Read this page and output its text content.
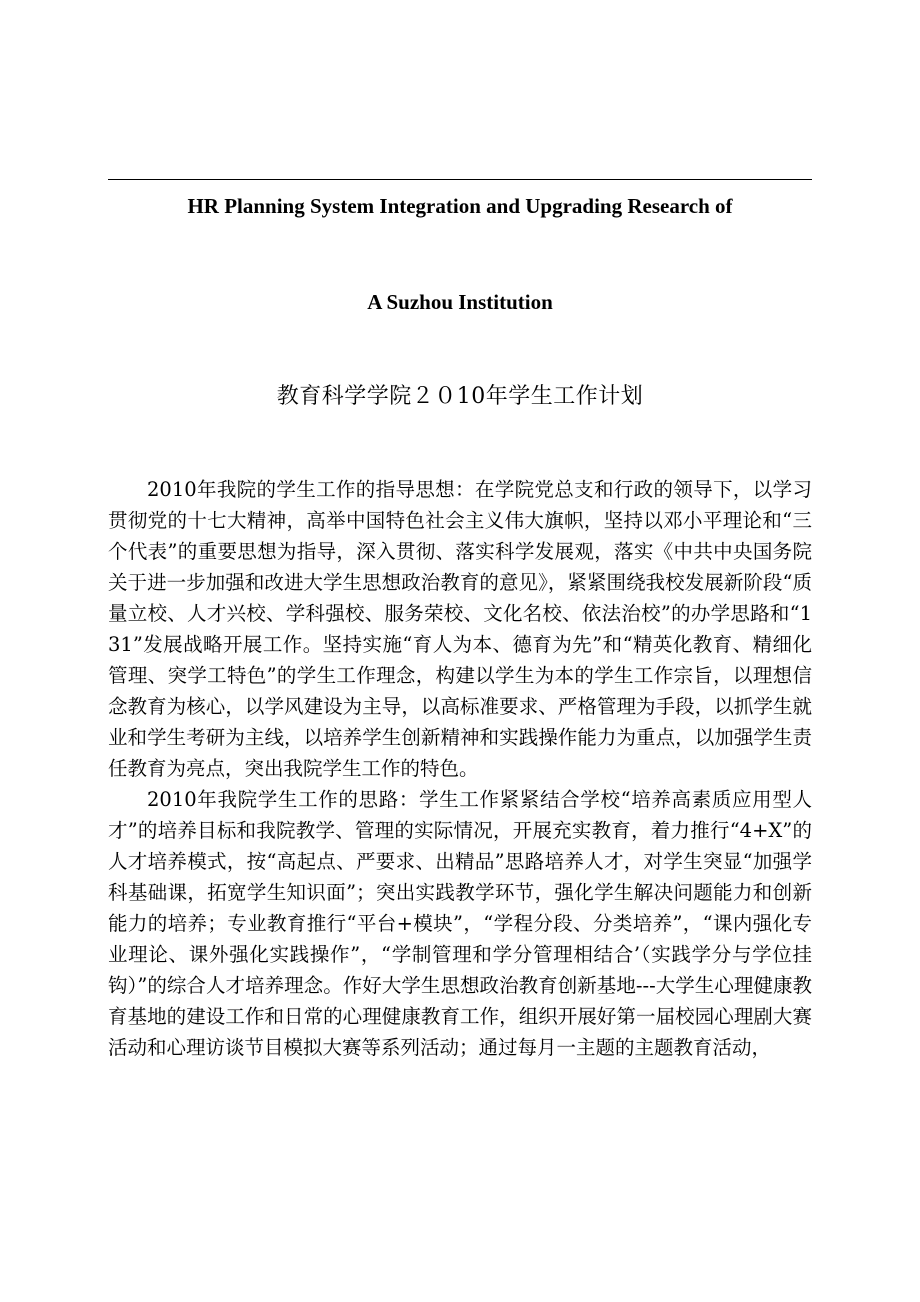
HR Planning System Integration and Upgrading Research of
A Suzhou Institution
教育科学学院２０10年学生工作计划

2010年我院的学生工作的指导思想：在学院党总支和行政的领导下，以学习贯彻党的十七大精神，高举中国特色社会主义伟大旗帜，坚持以邓小平理论和“三个代表”的重要思想为指导，深入贯彻、落实科学发展观，落实《中共中央国务院关于进一步加强和改进大学生思想政治教育的意见》，紧紧围绕我校发展新阶段“质量立校、人才兴校、学科强校、服务荣校、文化名校、依法治校”的办学思路和“131”发展战略开展工作。坚持实施“育人为本、德育为先”和“精英化教育、精细化管理、突学工特色”的学生工作理念，构建以学生为本的学生工作宗旨，以理想信念教育为核心，以学风建设为主导，以高标准要求、严格管理为手段，以抓学生就业和学生考研为主线，以培养学生创新精神和实践操作能力为重点，以加强学生责任教育为亮点，突出我院学生工作的特色。

2010年我院学生工作的思路：学生工作紧紧结合学校“培养高素质应用型人才”的培养目标和我院教学、管理的实际情况，开展充实教育，着力推行“4+X”的人才培养模式，按“高起点、严要求、出精品”思路培养人才，对学生突显“加强学科基础课，拓宽学生知识面”；突出实践教学环节，强化学生解决问题能力和创新能力的培养；专业教育推行“平台+模块”，“学程分段、分类培养”，“课内强化专业理论、课外强化实践操作”，“学制管理和学分管理相结合’（实践学分与学位挂钩）”的综合人才培养理念。作好大学生思想政治教育创新基地---大学生心理健康教育基地的建设工作和日常的心理健康教育工作，组织开展好第一届校园心理剧大赛活动和心理访谈节目模拟大赛等系列活动；通过每月一主题的主题教育活动，
